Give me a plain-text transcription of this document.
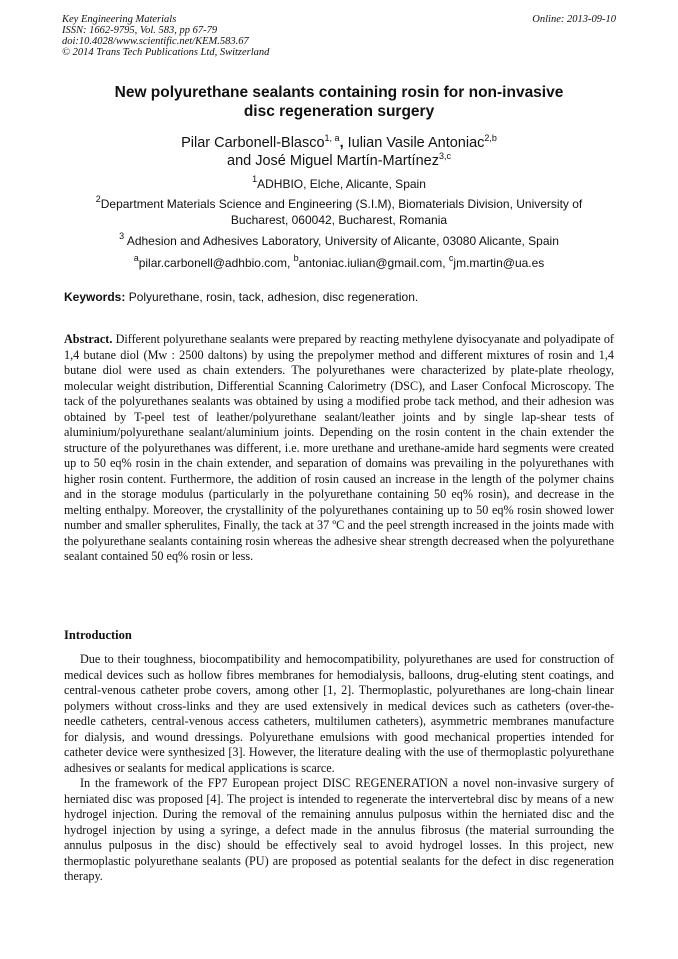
Key Engineering Materials	Online: 2013-09-10
ISSN: 1662-9795, Vol. 583, pp 67-79
doi:10.4028/www.scientific.net/KEM.583.67
© 2014 Trans Tech Publications Ltd, Switzerland
New polyurethane sealants containing rosin for non-invasive
disc regeneration surgery
Pilar Carbonell-Blasco$^{1, a}$, Iulian Vasile Antoniac$^{2,b}$
and José Miguel Martín-Martínez$^{3,c}$
$^1$ADHBIO, Elche, Alicante, Spain
$^2$Department Materials Science and Engineering (S.I.M), Biomaterials Division, University of Bucharest, 060042, Bucharest, Romania
$^3$ Adhesion and Adhesives Laboratory, University of Alicante, 03080 Alicante, Spain
$^a$pilar.carbonell@adhbio.com, $^b$antoniac.iulian@gmail.com, $^c$jm.martin@ua.es
Keywords: Polyurethane, rosin, tack, adhesion, disc regeneration.
Abstract. Different polyurethane sealants were prepared by reacting methylene dyisocyanate and polyadipate of 1,4 butane diol (Mw : 2500 daltons) by using the prepolymer method and different mixtures of rosin and 1,4 butane diol were used as chain extenders. The polyurethanes were characterized by plate-plate rheology, molecular weight distribution, Differential Scanning Calorimetry (DSC), and Laser Confocal Microscopy. The tack of the polyurethanes sealants was obtained by using a modified probe tack method, and their adhesion was obtained by T-peel test of leather/polyurethane sealant/leather joints and by single lap-shear tests of aluminium/polyurethane sealant/aluminium joints. Depending on the rosin content in the chain extender the structure of the polyurethanes was different, i.e. more urethane and urethane-amide hard segments were created up to 50 eq% rosin in the chain extender, and separation of domains was prevailing in the polyurethanes with higher rosin content. Furthermore, the addition of rosin caused an increase in the length of the polymer chains and in the storage modulus (particularly in the polyurethane containing 50 eq% rosin), and decrease in the melting enthalpy. Moreover, the crystallinity of the polyurethanes containing up to 50 eq% rosin showed lower number and smaller spherulites, Finally, the tack at 37 ºC and the peel strength increased in the joints made with the polyurethane sealants containing rosin whereas the adhesive shear strength decreased when the polyurethane sealant contained 50 eq% rosin or less.
Introduction

Due to their toughness, biocompatibility and hemocompatibility, polyurethanes are used for construction of medical devices such as hollow fibres membranes for hemodialysis, balloons, drug-eluting stent coatings, and central-venous catheter probe covers, among other [1, 2]. Thermoplastic, polyurethanes are long-chain linear polymers without cross-links and they are used extensively in medical devices such as catheters (over-the-needle catheters, central-venous access catheters, multilumen catheters), asymmetric membranes manufacture for dialysis, and wound dressings. Polyurethane emulsions with good mechanical properties intended for catheter device were synthesized [3]. However, the literature dealing with the use of thermoplastic polyurethane adhesives or sealants for medical applications is scarce.

In the framework of the FP7 European project DISC REGENERATION a novel non-invasive surgery of herniated disc was proposed [4]. The project is intended to regenerate the intervertebral disc by means of a new hydrogel injection. During the removal of the remaining annulus pulposus within the herniated disc and the hydrogel injection by using a syringe, a defect made in the annulus fibrosus (the material surrounding the annulus pulposus in the disc) should be effectively seal to avoid hydrogel losses. In this project, new thermoplastic polyurethane sealants (PU) are proposed as potential sealants for the defect in disc regeneration therapy.
